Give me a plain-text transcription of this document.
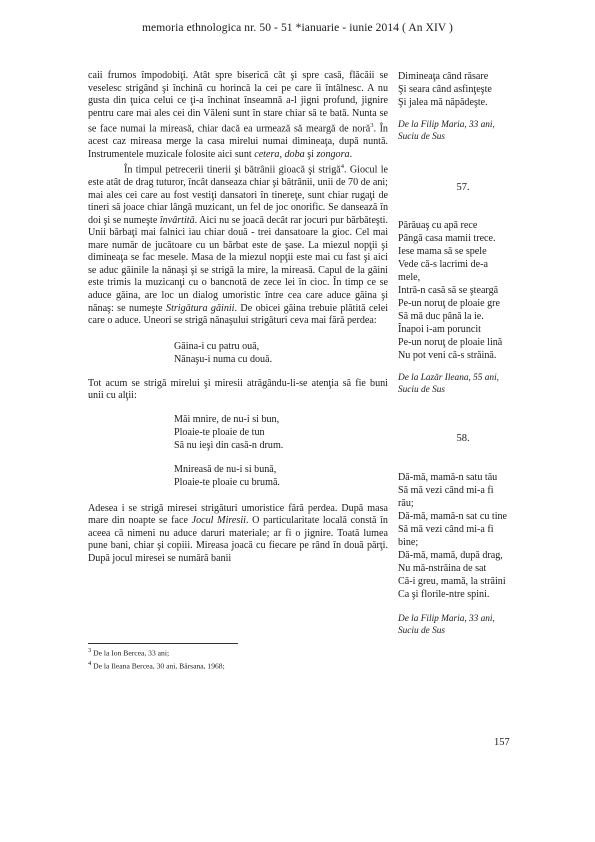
memoria ethnologica nr. 50 - 51 *ianuarie - iunie 2014 ( An XIV )

caii frumos împodobiţi. Atât spre biserică cât şi spre casă, flăcăii se veselesc strigând şi închină cu horincă la cei pe care îi întâlnesc. A nu gusta din ţuica celui ce ţi-a închinat înseamnă a-l jigni profund, jignire pentru care mai ales cei din Văleni sunt în stare chiar să te bată. Nunta se se face numai la mireasă, chiar dacă ea urmează să meargă de noră$^3$. În acest caz mireasa merge la casa mirelui numai dimineaţa, după nuntă. Instrumentele muzicale folosite aici sunt cetera, doba şi zongora.

În timpul petrecerii tinerii şi bătrânii gioacă şi strigă$^4$. Giocul le este atât de drag tuturor, încât danseaza chiar şi bătrânii, unii de 70 de ani; mai ales cei care au fost vestiţi dansatori în tinereţe, sunt chiar rugaţi de tineri să joace chiar lângă muzicant, un fel de joc onorific. Se dansează în doi şi se numeşte învârtită. Aici nu se joacă decât rar jocuri pur bărbăteşti. Unii bărbaţi mai falnici iau chiar două - trei dansatoare la gioc. Cel mai mare număr de jucătoare cu un bărbat este de şase. La miezul nopţii şi dimineaţa se fac mesele. Masa de la miezul nopţii este mai cu fast şi aici se aduc găinile la nănaşi şi se strigă la mire, la mireasă. Capul de la găini este trimis la muzicanţi cu o bancnotă de zece lei în cioc. În timp ce se aduce găina, are loc un dialog umoristic între cea care aduce găina şi nănaş: se numeşte Strigătura găinii. De obicei găina trebuie plătită celei care o aduce. Uneori se strigă nănaşului strigături ceva mai fără perdea:

Găina-i cu patru ouă,
Nănaşu-i numa cu două.

Tot acum se strigă mirelui şi miresii atrăgându-li-se atenţia să fie buni unii cu alţii:

Măi mnire, de nu-i si bun,
Ploaie-te ploaie de tun
Să nu ieşi din casă-n drum.
Mnireasă de nu-i si bună,
Ploaie-te ploaie cu brumă.

Adesea i se strigă miresei strigături umoristice fără perdea. După masa mare din noapte se face Jocul Miresii. O particularitate locală constă în aceea că nimeni nu aduce daruri materiale; ar fi o jignire. Toată lumea pune bani, chiar şi copiii. Mireasa joacă cu fiecare pe rând în două părţi. După jocul miresei se numără banii

$^3$ De la Ion Bercea, 33 ani;
$^4$ De la Ileana Bercea, 30 ani, Bârsana, 1968;
Dimineaţa când răsare
Şi seara când asfinţeşte
Şi jalea mă năpădeşte.
De la Filip Maria, 33 ani,
Suciu de Sus

57.

Părăuaş cu apă rece
Pângă casa mamii trece.
Iese mama să se spele
Vede că-s lacrimi de-a
mele,
Intră-n casă să se şteargă
Pe-un noruţ de ploaie gre
Să mă duc până la ie.
Înapoi i-am poruncit
Pe-un noruţ de ploaie lină
Nu pot veni că-s străină.
De la Lazăr Ileana, 55 ani,
Suciu de Sus

58.

Dă-mă, mamă-n satu tău
Să mă vezi când mi-a fi
rău;
Dă-mă, mamă-n sat cu tine
Să mă vezi când mi-a fi
bine;
Dă-mă, mamă, după drag,
Nu mă-nstrăina de sat
Că-i greu, mamă, la străini
Ca şi florile-ntre spini.
De la Filip Maria, 33 ani,
Suciu de Sus
157
